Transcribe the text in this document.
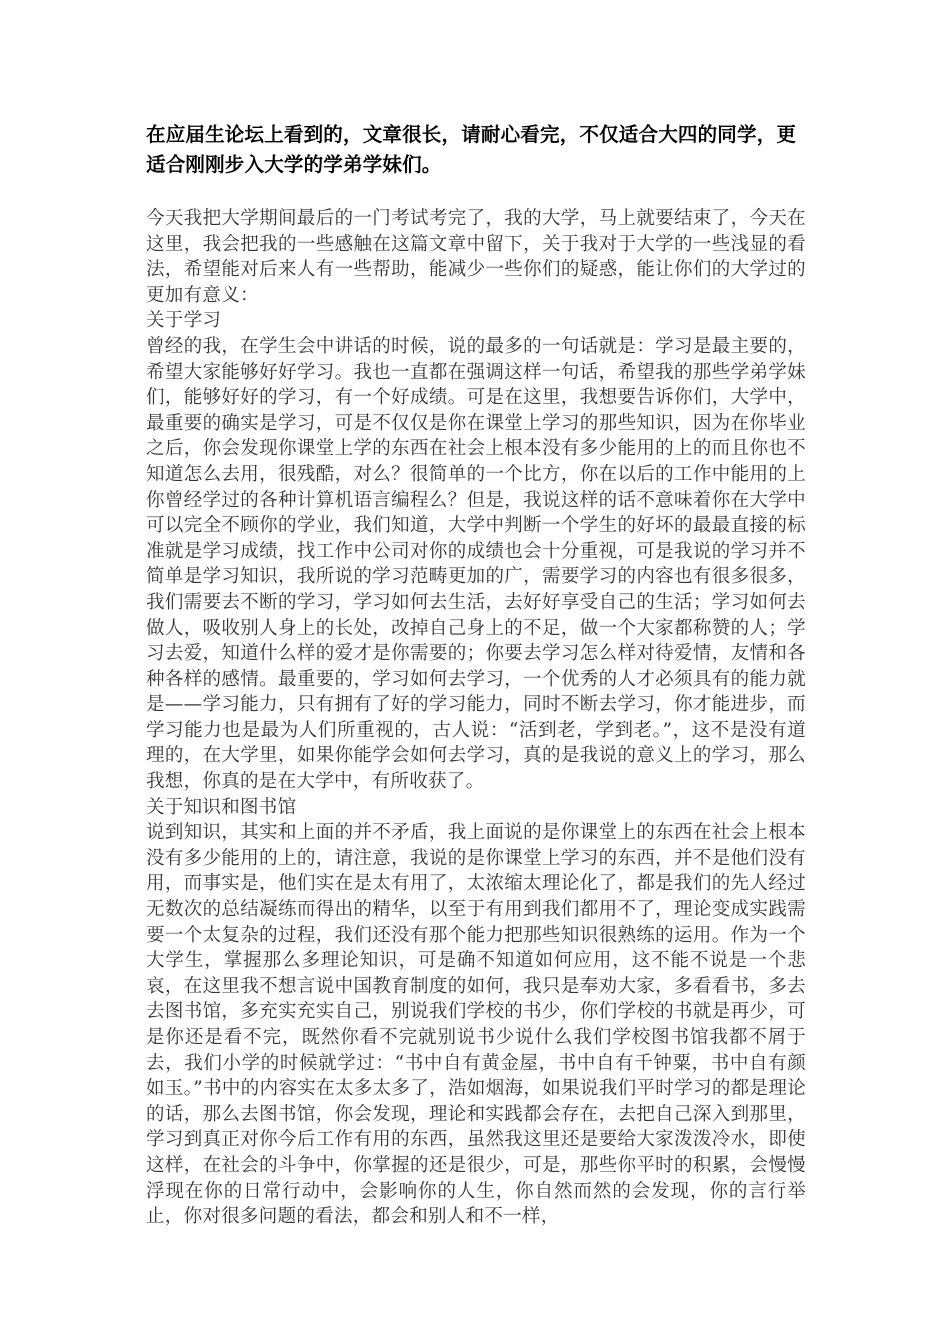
在应届生论坛上看到的，文章很长，请耐心看完，不仅适合大四的同学，更适合刚刚步入大学的学弟学妹们。

今天我把大学期间最后的一门考试考完了，我的大学，马上就要结束了，今天在这里，我会把我的一些感触在这篇文章中留下，关于我对于大学的一些浅显的看法，希望能对后来人有一些帮助，能减少一些你们的疑惑，能让你们的大学过的更加有意义：

关于学习

曾经的我，在学生会中讲话的时候，说的最多的一句话就是：学习是最主要的，希望大家能够好好学习。我也一直都在强调这样一句话，希望我的那些学弟学妹们，能够好好的学习，有一个好成绩。可是在这里，我想要告诉你们，大学中，最重要的确实是学习，可是不仅仅是你在课堂上学习的那些知识，因为在你毕业之后，你会发现你课堂上学的东西在社会上根本没有多少能用的上的而且你也不知道怎么去用，很残酷，对么？很简单的一个比方，你在以后的工作中能用的上你曾经学过的各种计算机语言编程么？但是，我说这样的话不意味着你在大学中可以完全不顾你的学业，我们知道，大学中判断一个学生的好坏的最最直接的标准就是学习成绩，找工作中公司对你的成绩也会十分重视，可是我说的学习并不简单是学习知识，我所说的学习范畴更加的广，需要学习的内容也有很多很多，我们需要去不断的学习，学习如何去生活，去好好享受自己的生活；学习如何去做人，吸收别人身上的长处，改掉自己身上的不足，做一个大家都称赞的人；学习去爱，知道什么样的爱才是你需要的；你要去学习怎么样对待爱情，友情和各种各样的感情。最重要的，学习如何去学习，一个优秀的人才必须具有的能力就是——学习能力，只有拥有了好的学习能力，同时不断去学习，你才能进步，而学习能力也是最为人们所重视的，古人说：“活到老，学到老。”，这不是没有道理的，在大学里，如果你能学会如何去学习，真的是我说的意义上的学习，那么我想，你真的是在大学中，有所收获了。

关于知识和图书馆

说到知识，其实和上面的并不矛盾，我上面说的是你课堂上的东西在社会上根本没有多少能用的上的，请注意，我说的是你课堂上学习的东西，并不是他们没有用，而事实是，他们实在是太有用了，太浓缩太理论化了，都是我们的先人经过无数次的总结凝练而得出的精华，以至于有用到我们都用不了，理论变成实践需要一个太复杂的过程，我们还没有那个能力把那些知识很熟练的运用。作为一个大学生，掌握那么多理论知识，可是确不知道如何应用，这不能不说是一个悲哀，在这里我不想言说中国教育制度的如何，我只是奉劝大家，多看看书，多去去图书馆，多充实充实自己，别说我们学校的书少，你们学校的书就是再少，可是你还是看不完，既然你看不完就别说书少说什么我们学校图书馆我都不屑于去，我们小学的时候就学过：“书中自有黄金屋，书中自有千钟粟，书中自有颜如玉。”书中的内容实在太多太多了，浩如烟海，如果说我们平时学习的都是理论的话，那么去图书馆，你会发现，理论和实践都会存在，去把自己深入到那里，学习到真正对你今后工作有用的东西，虽然我这里还是要给大家泼泼冷水，即使这样，在社会的斗争中，你掌握的还是很少，可是，那些你平时的积累，会慢慢浮现在你的日常行动中，会影响你的人生，你自然而然的会发现，你的言行举止，你对很多问题的看法，都会和别人和不一样，
